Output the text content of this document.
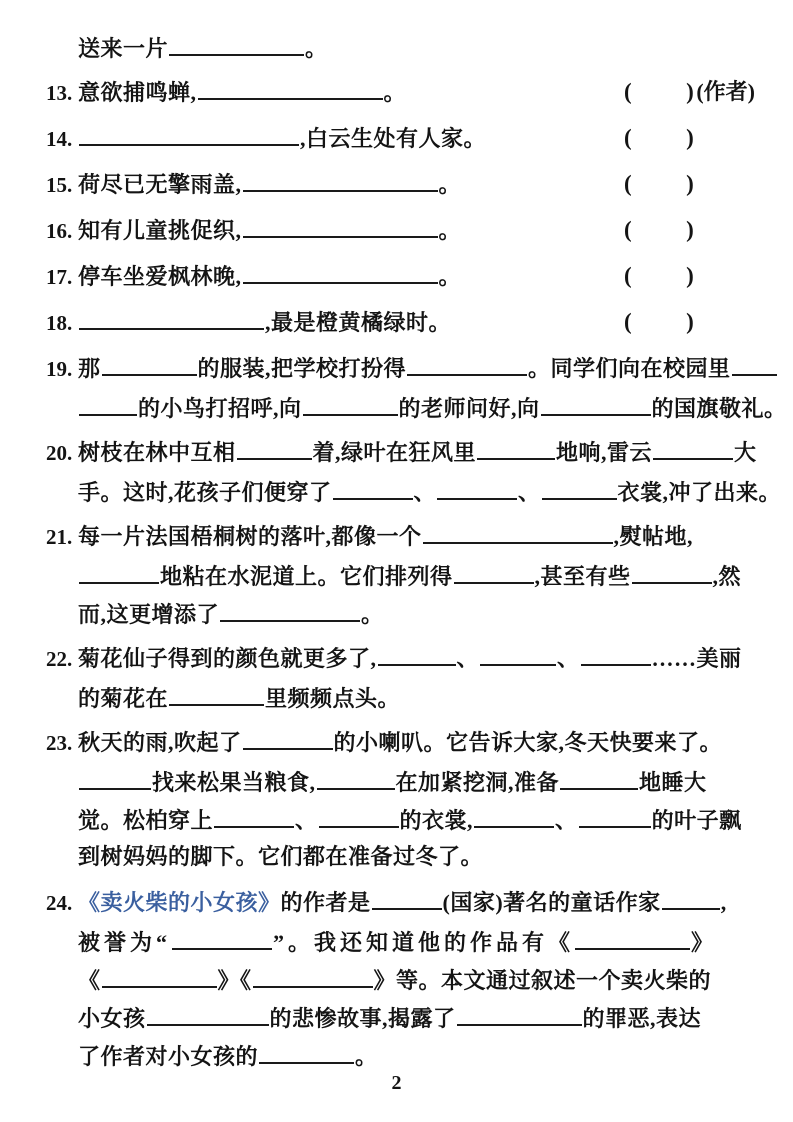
送来一片	。
13. 意欲捕鸣蝉,	。	( )(作者)
14.	,白云生处有人家。	( )
15. 荷尽已无擎雨盖,	。	( )
16. 知有儿童挑促织,	。	( )
17. 停车坐爱枫林晚,	。	( )
18.	,最是橙黄橘绿时。	( )
19. 那	的服装,把学校打扮得	。同学们向在校园里
的小鸟打招呼,向	的老师问好,向	的国旗敬礼。
20. 树枝在林中互相	着,绿叶在狂风里	地响,雷云	大
手。这时,花孩子们便穿了	、	、	衣裳,冲了出来。
21. 每一片法国梧桐树的落叶,都像一个	,熨帖地,
地粘在水泥道上。它们排列得	,甚至有些	,然
而,这更增添了	。
22. 菊花仙子得到的颜色就更多了,	、	、	……美丽
的菊花在	里频频点头。
23. 秋天的雨,吹起了	的小喇叭。它告诉大家,冬天快要来了。
找来松果当粮食,	在加紧挖洞,准备	地睡大
觉。松柏穿上	、	的衣裳,	、	的叶子飘
到树妈妈的脚下。它们都在准备过冬了。
24. 《卖火柴的小女孩》的作者是	(国家)著名的童话作家	,
被誉为“	”。我还知道他的作品有《	》
《	》《	》等。本文通过叙述一个卖火柴的
小女孩	的悲惨故事,揭露了	的罪恶,表达
了作者对小女孩的	。
2
